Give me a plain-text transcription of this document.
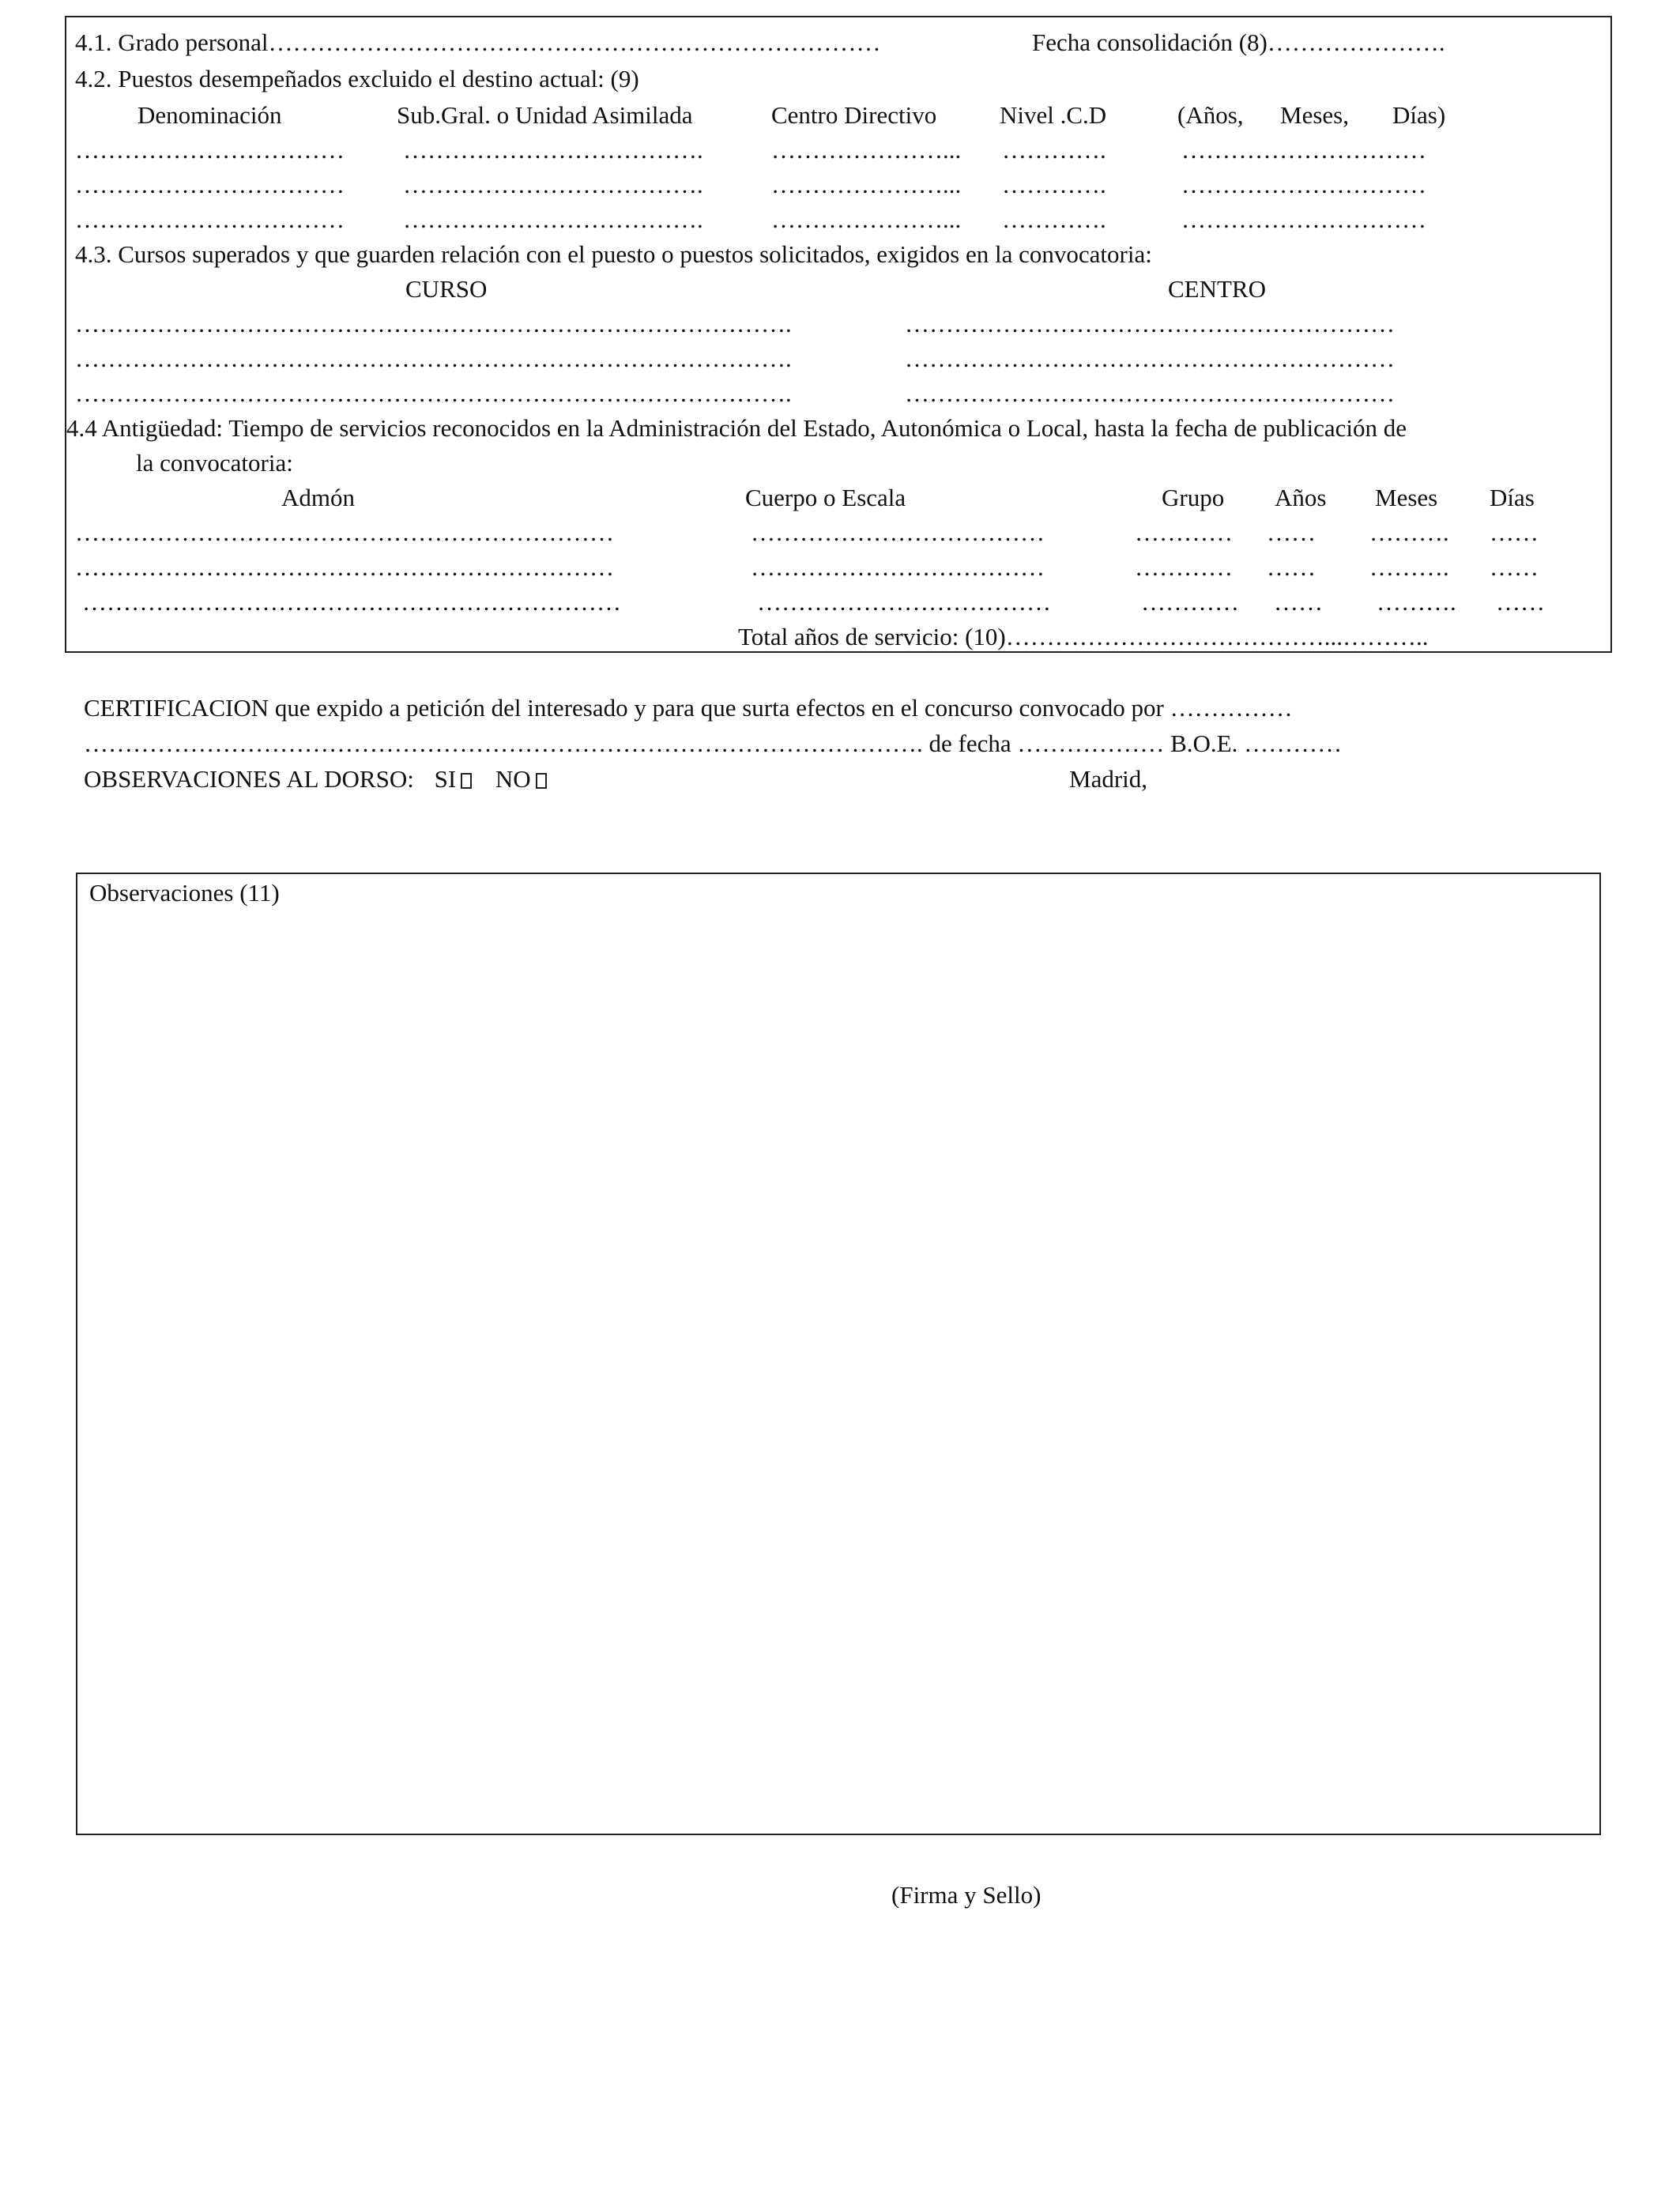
4.1. Grado personal…………………………………………………………………	Fecha consolidación (8)………………….
4.2. Puestos desempeñados excluido el destino actual: (9)
Denominación	Sub.Gral. o Unidad Asimilada	Centro Directivo	Nivel .C.D	(Años, Meses, Días)
…………………………… ……………………………….	…………………... ………….	…………………………
…………………………… ……………………………….	…………………... ………….	…………………………
…………………………… ……………………………….	…………………... ………….	…………………………
4.3. Cursos superados y que guarden relación con el puesto o puestos solicitados, exigidos en la convocatoria:
CURSO	CENTRO
…………………………………………………………………………….	……………………………………………………
…………………………………………………………………………….	……………………………………………………
…………………………………………………………………………….	……………………………………………………
4.4 Antigüedad: Tiempo de servicios reconocidos en la Administración del Estado, Autonómica o Local, hasta la fecha de publicación de
la convocatoria:
Admón	Cuerpo o Escala	Grupo Años Meses Días
…………………………………………………………	………………………………	………… …… ………. ……
…………………………………………………………	………………………………	………… …… ………. ……
…………………………………………………………	………………………………	………… …… ………. ……
Total años de servicio: (10)…………………………………...………..
CERTIFICACION que expido a petición del interesado y para que surta efectos en el concurso convocado por ……………
…………………………………………………………………………………………. de fecha ……………… B.O.E. …………
OBSERVACIONES AL DORSO: SI NO	Madrid,
Observaciones (11)
(Firma y Sello)
